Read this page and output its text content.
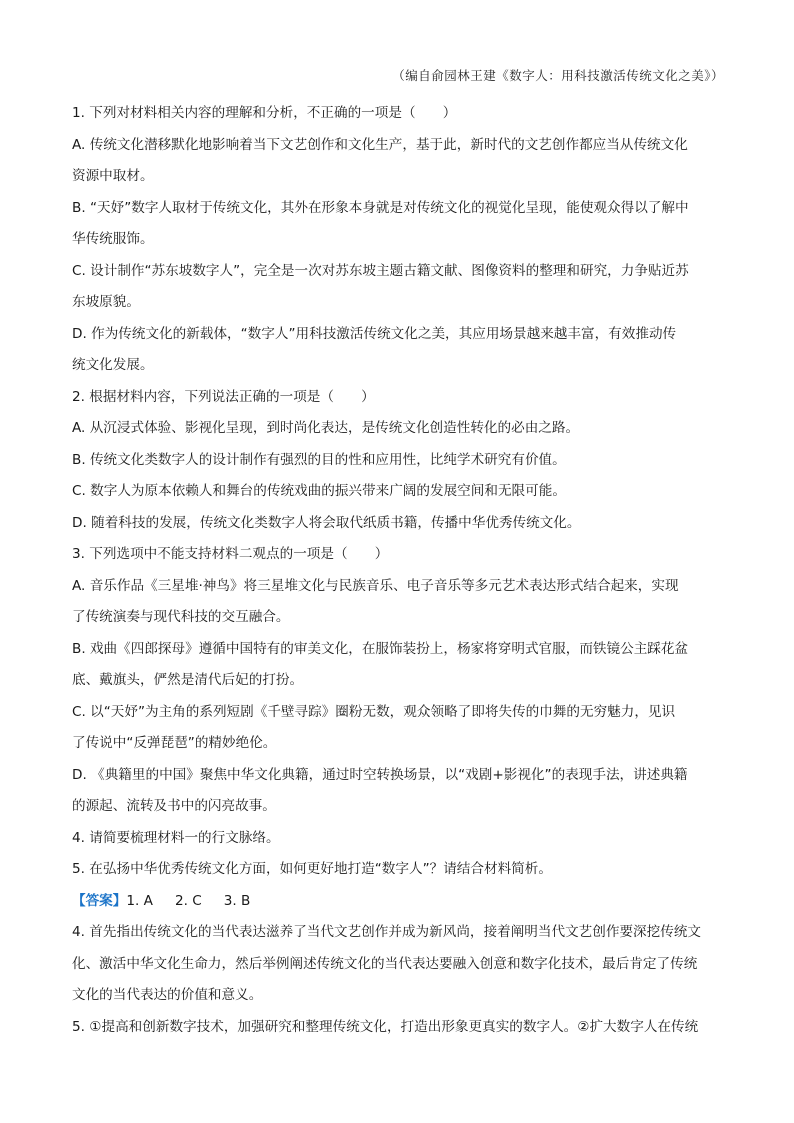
（编自俞园林王建《数字人：用科技激活传统文化之美》）
1. 下列对材料相关内容的理解和分析，不正确的一项是（　　）
A. 传统文化潜移默化地影响着当下文艺创作和文化生产，基于此，新时代的文艺创作都应当从传统文化
资源中取材。
B. “天妤”数字人取材于传统文化，其外在形象本身就是对传统文化的视觉化呈现，能使观众得以了解中
华传统服饰。
C. 设计制作“苏东坡数字人”，完全是一次对苏东坡主题古籍文献、图像资料的整理和研究，力争贴近苏
东坡原貌。
D. 作为传统文化的新载体，“数字人”用科技激活传统文化之美，其应用场景越来越丰富，有效推动传
统文化发展。
2. 根据材料内容，下列说法正确的一项是（　　）
A. 从沉浸式体验、影视化呈现，到时尚化表达，是传统文化创造性转化的必由之路。
B. 传统文化类数字人的设计制作有强烈的目的性和应用性，比纯学术研究有价值。
C. 数字人为原本依赖人和舞台的传统戏曲的振兴带来广阔的发展空间和无限可能。
D. 随着科技的发展，传统文化类数字人将会取代纸质书籍，传播中华优秀传统文化。
3. 下列选项中不能支持材料二观点的一项是（　　）
A. 音乐作品《三星堆·神鸟》将三星堆文化与民族音乐、电子音乐等多元艺术表达形式结合起来，实现
了传统演奏与现代科技的交互融合。
B. 戏曲《四郎探母》遵循中国特有的审美文化，在服饰装扮上，杨家将穿明式官服，而铁镜公主踩花盆
底、戴旗头，俨然是清代后妃的打扮。
C. 以“天妤”为主角的系列短剧《千壁寻踪》圈粉无数，观众领略了即将失传的巾舞的无穷魅力，见识
了传说中“反弹琵琶”的精妙绝伦。
D. 《典籍里的中国》聚焦中华文化典籍，通过时空转换场景，以“戏剧+影视化”的表现手法，讲述典籍
的源起、流转及书中的闪亮故事。
4. 请简要梳理材料一的行文脉络。
5. 在弘扬中华优秀传统文化方面，如何更好地打造“数字人”？请结合材料简析。
【答案】1. A 2. C 3. B
4. 首先指出传统文化的当代表达滋养了当代文艺创作并成为新风尚，接着阐明当代文艺创作要深挖传统文
化、激活中华文化生命力，然后举例阐述传统文化的当代表达要融入创意和数字化技术，最后肯定了传统
文化的当代表达的价值和意义。
5. ①提高和创新数字技术，加强研究和整理传统文化，打造出形象更真实的数字人。②扩大数字人在传统
